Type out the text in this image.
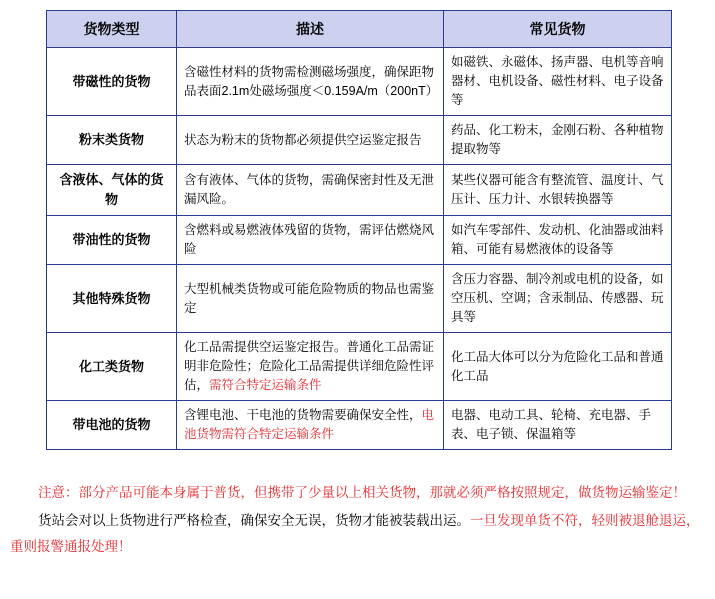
货物类型	描述	常见货物
带磁性的货物	含磁性材料的货物需检测磁场强度，确保距物品表面2.1m处磁场强度＜0.159A/m（200nT）	如磁铁、永磁体、扬声器、电机等音响器材、电机设备、磁性材料、电子设备等
粉末类货物	状态为粉末的货物都必须提供空运鉴定报告	药品、化工粉末，金刚石粉、各种植物提取物等
含液体、气体的货物	含有液体、气体的货物，需确保密封性及无泄漏风险。	某些仪器可能含有整流管、温度计、气压计、压力计、水银转换器等
带油性的货物	含燃料或易燃液体残留的货物，需评估燃烧风险	如汽车零部件、发动机、化油器或油料箱、可能有易燃液体的设备等
其他特殊货物	大型机械类货物或可能危险物质的物品也需鉴定	含压力容器、制冷剂或电机的设备，如空压机、空调；含汞制品、传感器、玩具等
化工类货物	化工品需提供空运鉴定报告。普通化工品需证明非危险性；危险化工品需提供详细危险性评估，需符合特定运输条件	化工品大体可以分为危险化工品和普通化工品
带电池的货物	含锂电池、干电池的货物需要确保安全性，电池货物需符合特定运输条件	电器、电动工具、轮椅、充电器、手表、电子锁、保温箱等
注意：部分产品可能本身属于普货，但携带了少量以上相关货物，那就必须严格按照规定，做货物运输鉴定！
货站会对以上货物进行严格检查，确保安全无误，货物才能被装载出运。一旦发现单货不符，轻则被退舱退运，重则报警通报处理！
